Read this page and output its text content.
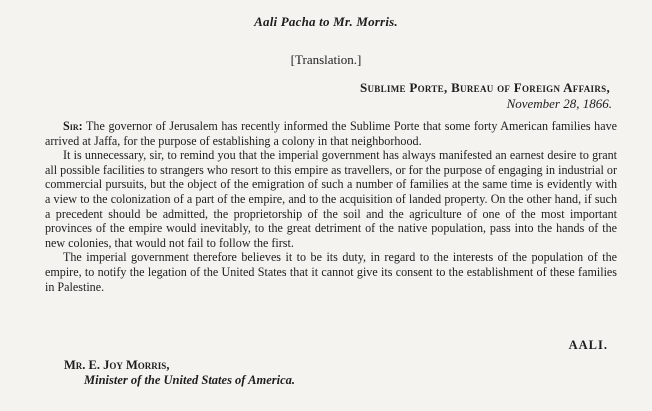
Aali Pacha to Mr. Morris.
[Translation.]
Sublime Porte, Bureau of Foreign Affairs,
November 28, 1866.

Sir: The governor of Jerusalem has recently informed the Sublime Porte that some forty American families have arrived at Jaffa, for the purpose of establishing a colony in that neighborhood.

It is unnecessary, sir, to remind you that the imperial government has always manifested an earnest desire to grant all possible facilities to strangers who resort to this empire as travellers, or for the purpose of engaging in industrial or commercial pursuits, but the object of the emigration of such a number of families at the same time is evidently with a view to the colonization of a part of the empire, and to the acquisition of landed property. On the other hand, if such a precedent should be admitted, the proprietorship of the soil and the agriculture of one of the most important provinces of the empire would inevitably, to the great detriment of the native population, pass into the hands of the new colonies, that would not fail to follow the first.

The imperial government therefore believes it to be its duty, in regard to the interests of the population of the empire, to notify the legation of the United States that it cannot give its consent to the establishment of these families in Palestine.

AALI.
Mr. E. Joy Morris,
Minister of the United States of America.
